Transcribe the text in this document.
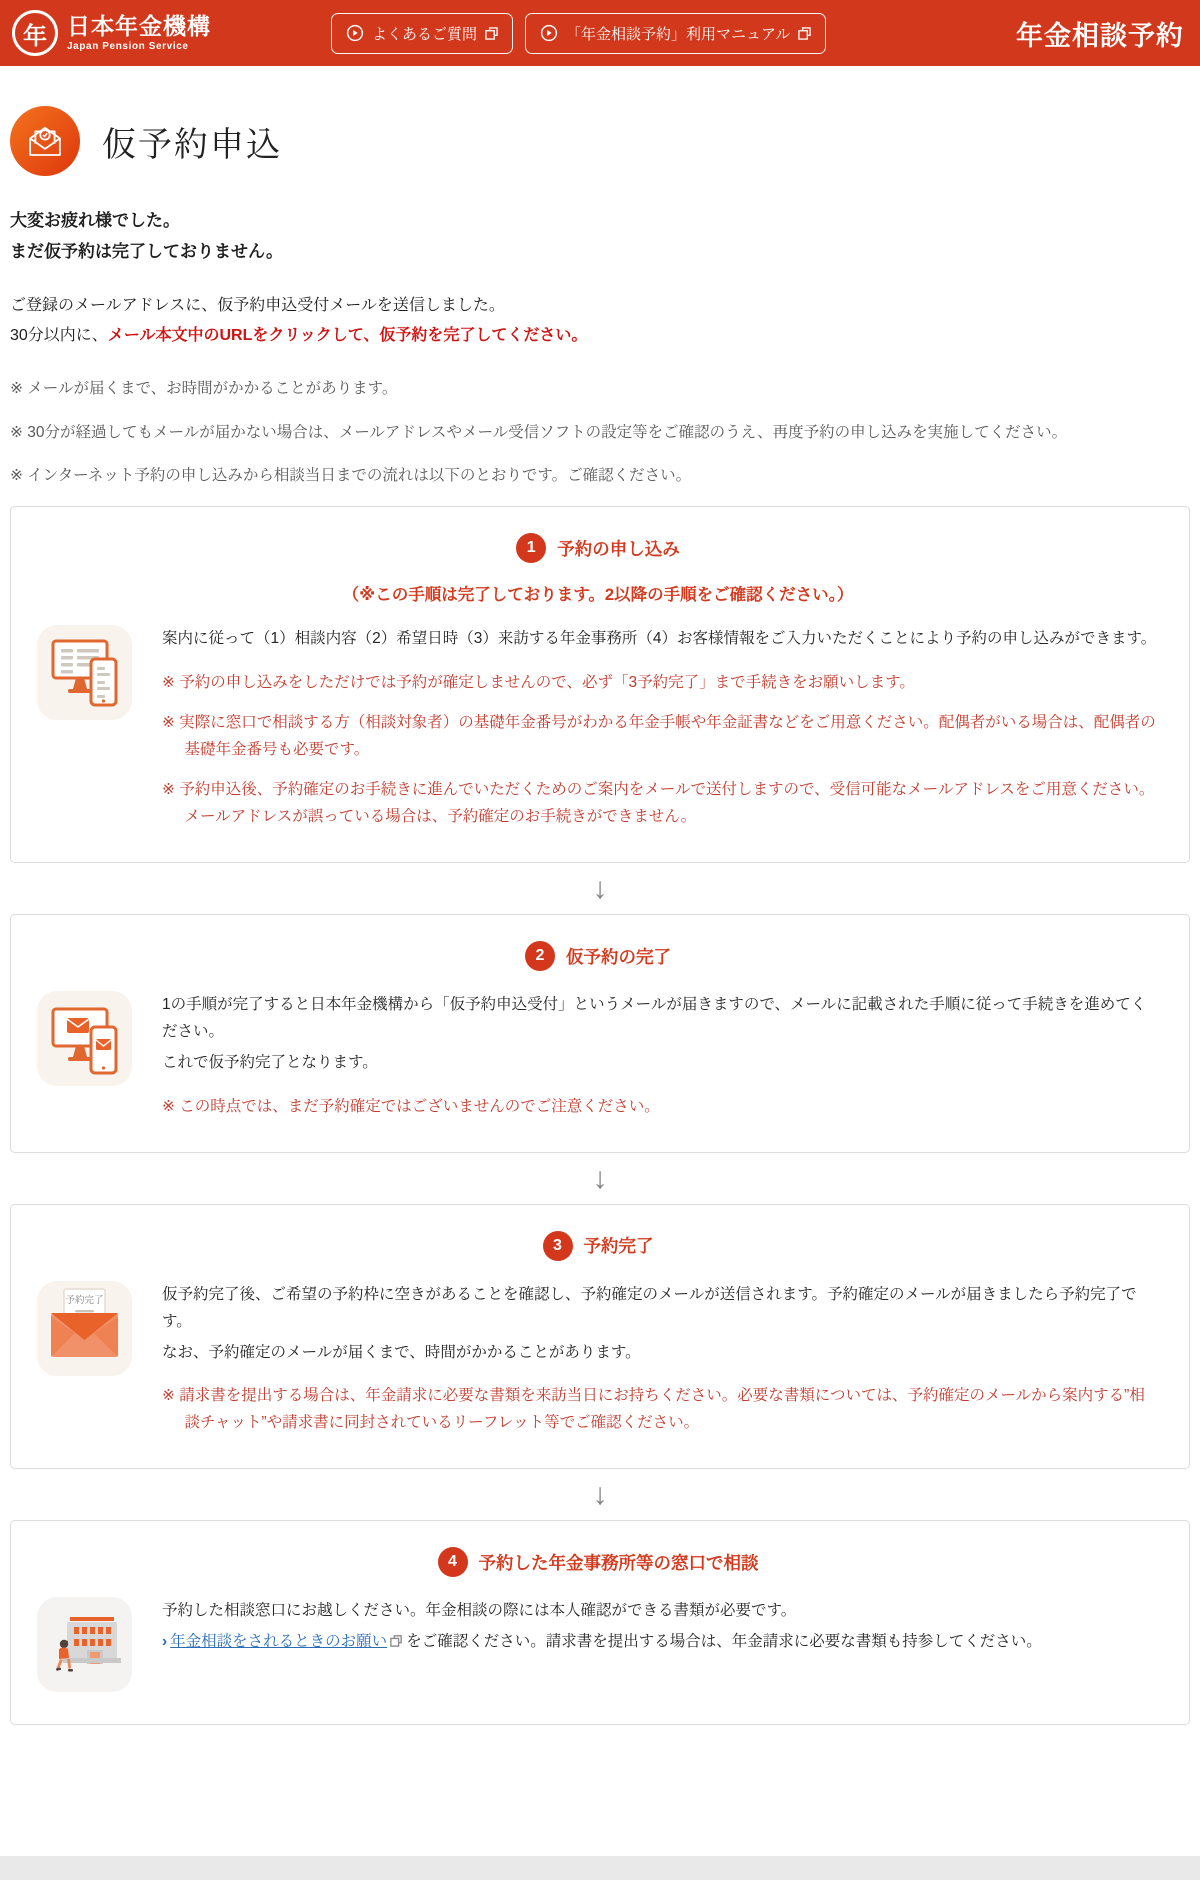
年 日本年金機構
Japan Pension Service
よくあるご質問	「年金相談予約」利用マニュアル	年金相談予約
仮予約申込
大変お疲れ様でした。
まだ仮予約は完了しておりません。
ご登録のメールアドレスに、仮予約申込受付メールを送信しました。
30分以内に、メール本文中のURLをクリックして、仮予約を完了してください。
※ メールが届くまで、お時間がかかることがあります。
※ 30分が経過してもメールが届かない場合は、メールアドレスやメール受信ソフトの設定等をご確認のうえ、再度予約の申し込みを実施してください。
※ インターネット予約の申し込みから相談当日までの流れは以下のとおりです。ご確認ください。
1	予約の申し込み
（※この手順は完了しております。2以降の手順をご確認ください。）

案内に従って（1）相談内容（2）希望日時（3）来訪する年金事務所（4）お客様情報をご入力いただくことにより予約の申し込みができます。

※ 予約の申し込みをしただけでは予約が確定しませんので、必ず「3予約完了」まで手続きをお願いします。
※ 実際に窓口で相談する方（相談対象者）の基礎年金番号がわかる年金手帳や年金証書などをご用意ください。配偶者がいる場合は、配偶者の基礎年金番号も必要です。
※ 予約申込後、予約確定のお手続きに進んでいただくためのご案内をメールで送付しますので、受信可能なメールアドレスをご用意ください。メールアドレスが誤っている場合は、予約確定のお手続きができません。
↓
2	仮予約の完了

1の手順が完了すると日本年金機構から「仮予約申込受付」というメールが届きますので、メールに記載された手順に従って手続きを進めてください。

これで仮予約完了となります。

※ この時点では、まだ予約確定ではございませんのでご注意ください。
↓
3	予約完了
予約完了	仮予約完了後、ご希望の予約枠に空きがあることを確認し、予約確定のメールが送信されます。予約確定のメールが届きましたら予約完了です。

なお、予約確定のメールが届くまで、時間がかかることがあります。

※ 請求書を提出する場合は、年金請求に必要な書類を来訪当日にお持ちください。必要な書類については、予約確定のメールから案内する”相談チャット”や請求書に同封されているリーフレット等でご確認ください。
↓
4	予約した年金事務所等の窓口で相談

予約した相談窓口にお越しください。年金相談の際には本人確認ができる書類が必要です。

› 年金相談をされるときのお願い をご確認ください。請求書を提出する場合は、年金請求に必要な書類も持参してください。
